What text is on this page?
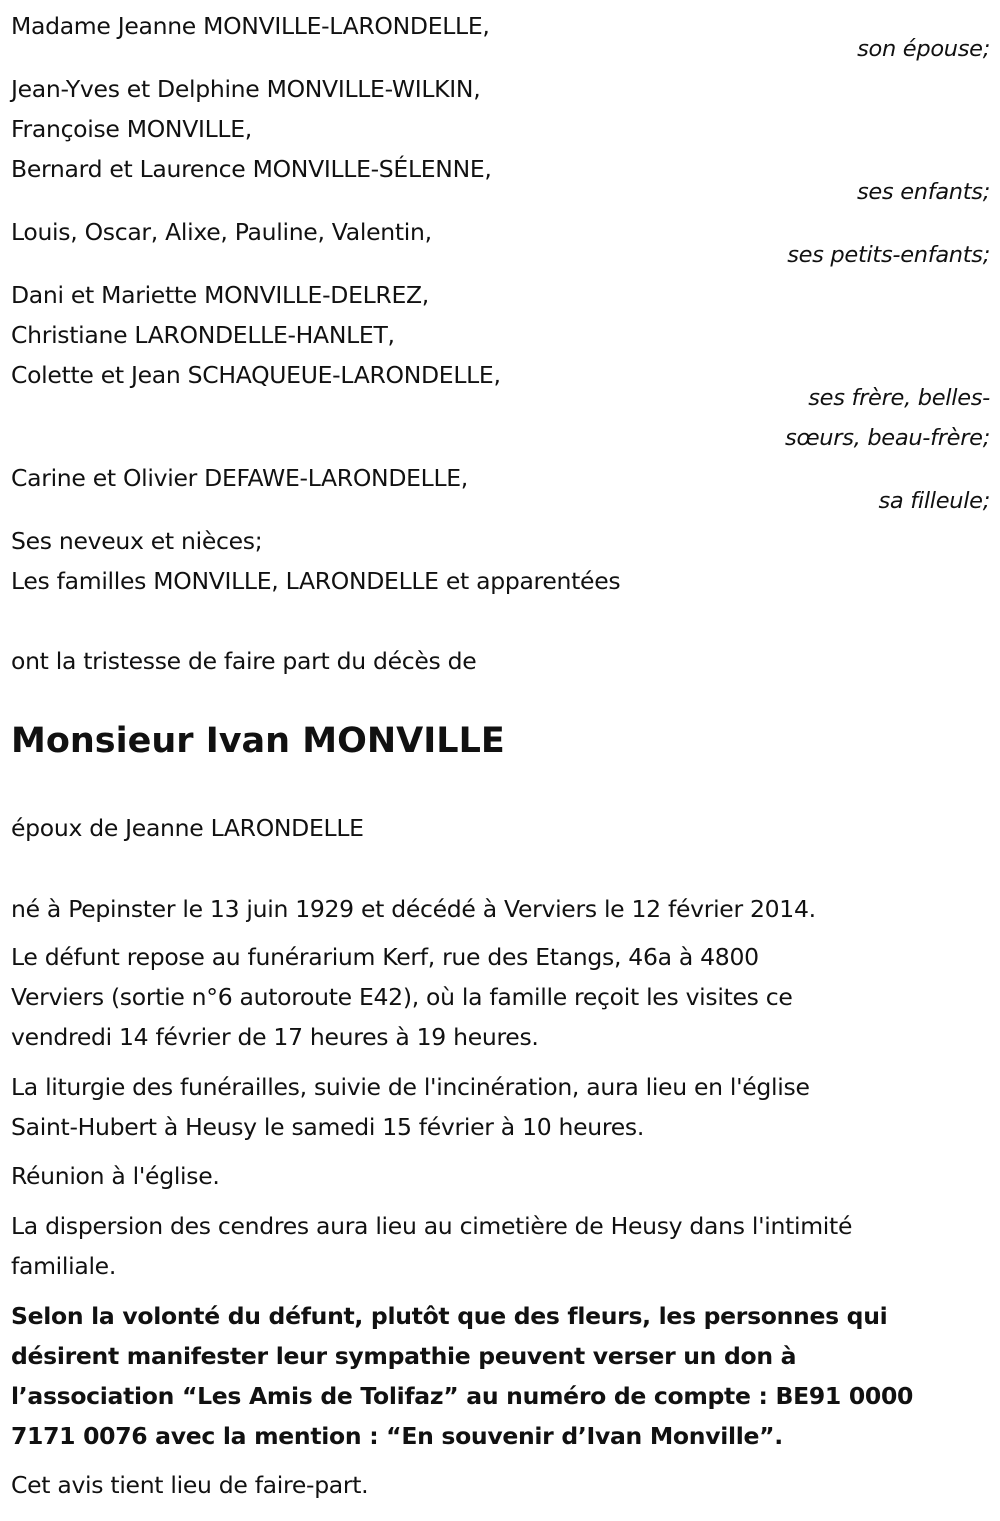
Madame Jeanne MONVILLE-LARONDELLE,
son épouse;
Jean-Yves et Delphine MONVILLE-WILKIN,
Françoise MONVILLE,
Bernard et Laurence MONVILLE-SÉLENNE,
ses enfants;
Louis, Oscar, Alixe, Pauline, Valentin,
ses petits-enfants;
Dani et Mariette MONVILLE-DELREZ,
Christiane LARONDELLE-HANLET,
Colette et Jean SCHAQUEUE-LARONDELLE,
ses frère, belles-
sœurs, beau-frère;
Carine et Olivier DEFAWE-LARONDELLE,
sa filleule;
Ses neveux et nièces;
Les familles MONVILLE, LARONDELLE et apparentées
ont la tristesse de faire part du décès de
Monsieur Ivan MONVILLE
époux de Jeanne LARONDELLE
né à Pepinster le 13 juin 1929 et décédé à Verviers le 12 février 2014.
Le défunt repose au funérarium Kerf, rue des Etangs, 46a à 4800
Verviers (sortie n°6 autoroute E42), où la famille reçoit les visites ce
vendredi 14 février de 17 heures à 19 heures.
La liturgie des funérailles, suivie de l'incinération, aura lieu en l'église
Saint-Hubert à Heusy le samedi 15 février à 10 heures.
Réunion à l'église.
La dispersion des cendres aura lieu au cimetière de Heusy dans l'intimité
familiale.
Selon la volonté du défunt, plutôt que des fleurs, les personnes qui
désirent manifester leur sympathie peuvent verser un don à
l’association “Les Amis de Tolifaz” au numéro de compte : BE91 0000
7171 0076 avec la mention : “En souvenir d’Ivan Monville”.
Cet avis tient lieu de faire-part.
